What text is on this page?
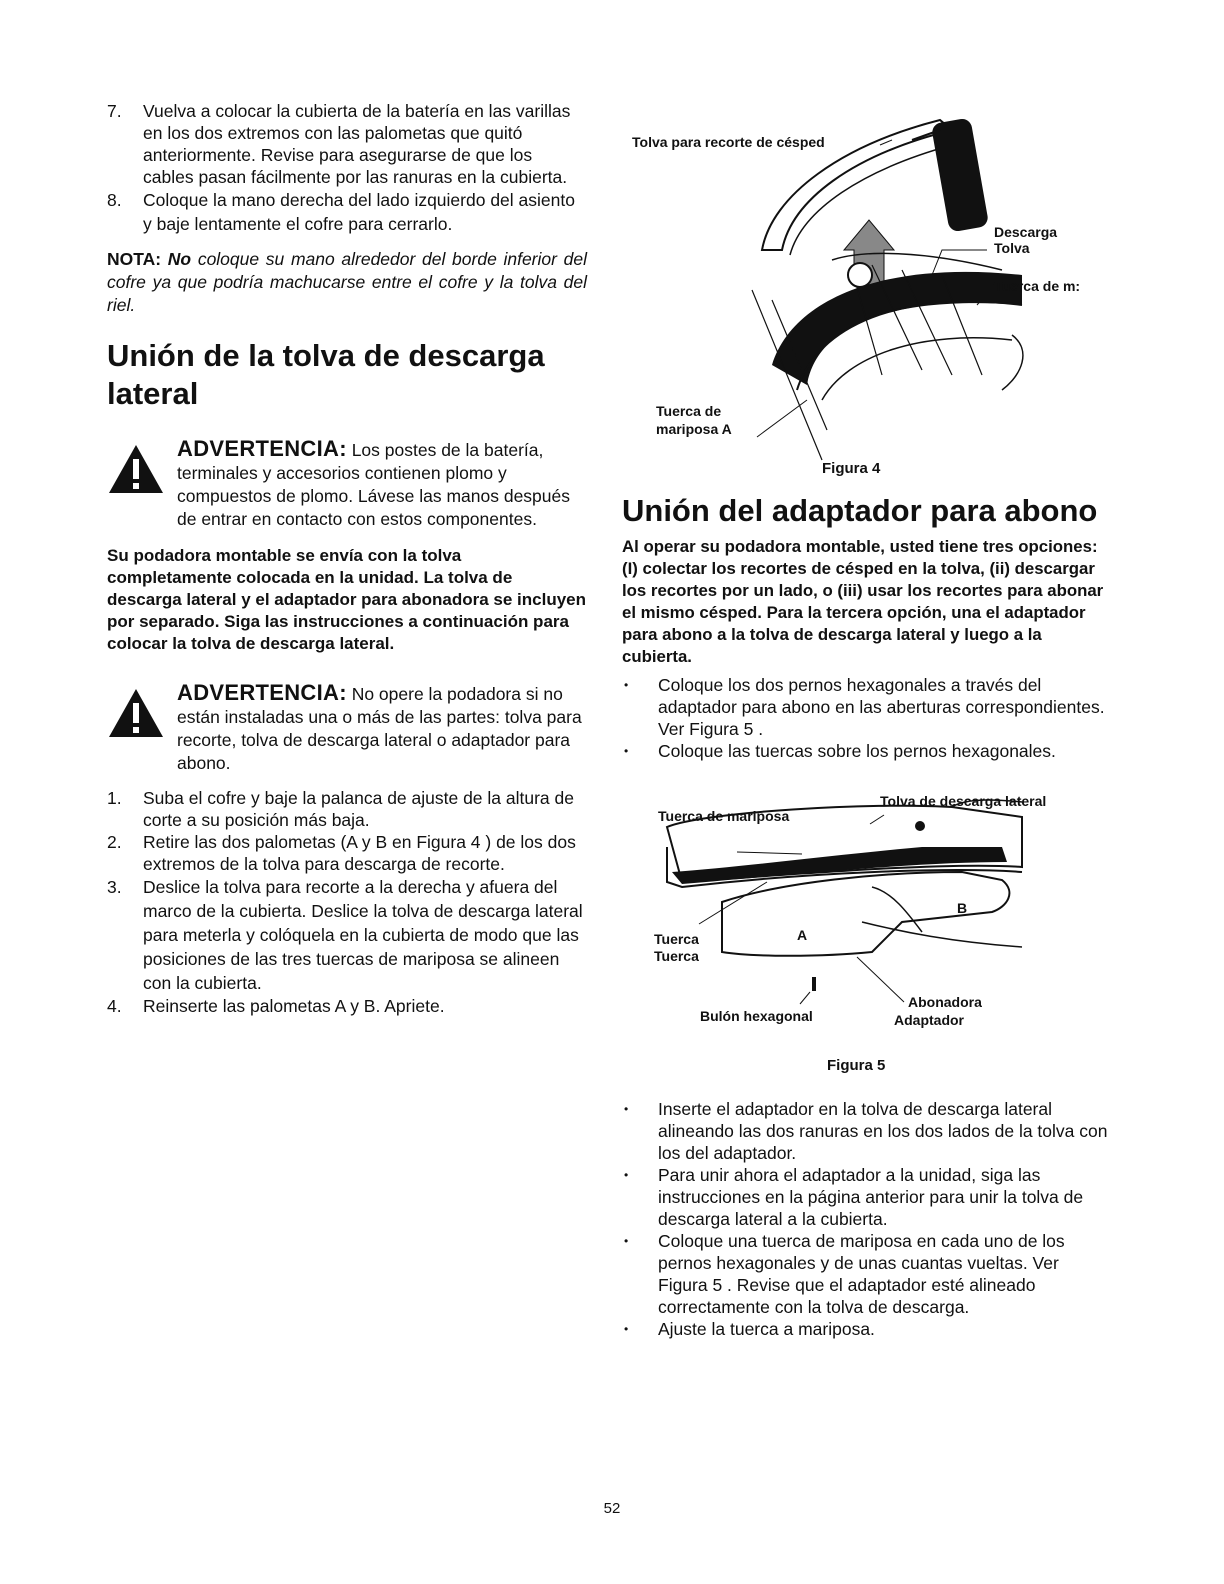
7. Vuelva a colocar la cubierta de la batería en las varillas en los dos extremos con las palometas que quitó anteriormente. Revise para asegurarse de que los cables pasan fácilmente por las ranuras en la cubierta.
8. Coloque la mano derecha del lado izquierdo del asiento y baje lentamente el cofre para cerrarlo.

NOTA: No coloque su mano alrededor del borde inferior del cofre ya que podría machucarse entre el cofre y la tolva del riel.

Unión de la tolva de descarga lateral
ADVERTENCIA: Los postes de la batería, terminales y accesorios contienen plomo y compuestos de plomo. Lávese las manos después de entrar en contacto con estos componentes.

Su podadora montable se envía con la tolva completamente colocada en la unidad. La tolva de descarga lateral y el adaptador para abonadora se incluyen por separado. Siga las instrucciones a continuación para colocar la tolva de descarga lateral.

ADVERTENCIA: No opere la podadora si no están instaladas una o más de las partes: tolva para recorte, tolva de descarga lateral o adaptador para abono.
1. Suba el cofre y baje la palanca de ajuste de la altura de corte a su posición más baja.
2. Retire las dos palometas (A y B en Figura 4 ) de los dos extremos de la tolva para descarga de recorte.
3. Deslice la tolva para recorte a la derecha y afuera del marco de la cubierta. Deslice la tolva de descarga lateral para meterla y colóquela en la cubierta de modo que las posiciones de las tres tuercas de mariposa se alineen con la cubierta.
4. Reinserte las palometas A y B. Apriete.
Tolva para recorte de césped
Descarga
Tolva
Tuerca de m:
Tuerca de
mariposa A
Figura 4
Unión del adaptador para abono

Al operar su podadora montable, usted tiene tres opciones: (I) colectar los recortes de césped en la tolva, (ii) descargar los recortes por un lado, o (iii) usar los recortes para abonar el mismo césped. Para la tercera opción, una el adaptador para abono a la tolva de descarga lateral y luego a la cubierta.

• Coloque los dos pernos hexagonales a través del adaptador para abono en las aberturas correspondientes. Ver Figura 5 .
• Coloque las tuercas sobre los pernos hexagonales.
Tolva de descarga lateral
Tuerca de mariposa
B
A
Tuerca
Tuerca
Abonadora
Adaptador
Bulón hexagonal
Figura 5
• Inserte el adaptador en la tolva de descarga lateral alineando las dos ranuras en los dos lados de la tolva con los del adaptador.
• Para unir ahora el adaptador a la unidad, siga las instrucciones en la página anterior para unir la tolva de descarga lateral a la cubierta.
• Coloque una tuerca de mariposa en cada uno de los pernos hexagonales y de unas cuantas vueltas. Ver Figura 5 . Revise que el adaptador esté alineado correctamente con la tolva de descarga.
• Ajuste la tuerca a mariposa.
52
